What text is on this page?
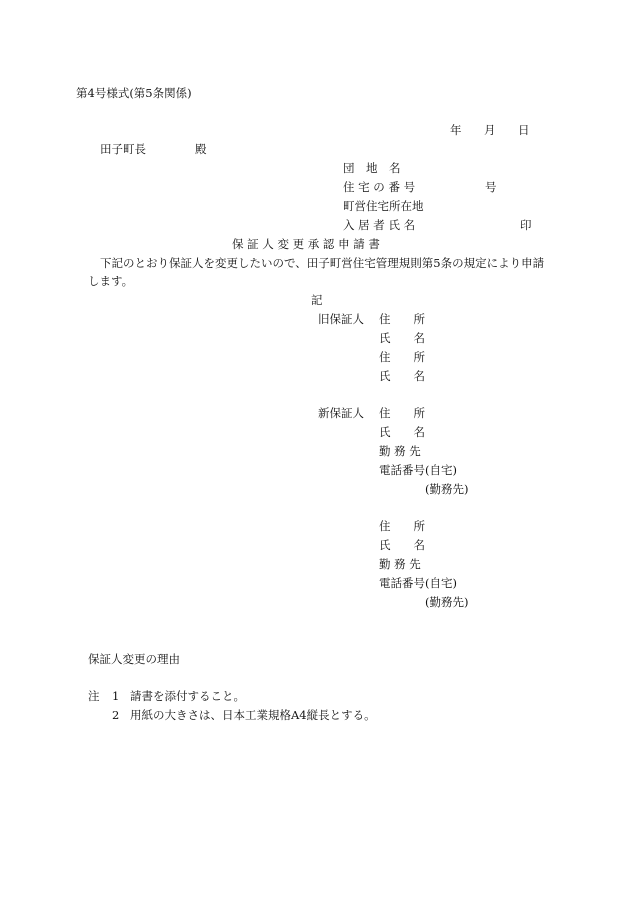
第4号様式(第5条関係)
年 月 日
田子町長	殿
団　地　名
住 宅 の 番 号	号
町営住宅所在地
入 居 者 氏 名	印
保 証 人 変 更 承 認 申 請 書
下記のとおり保証人を変更したいので、田子町営住宅管理規則第5条の規定により申請
します。
記
旧保証人 住　　所
氏　　名
住　　所
氏　　名
新保証人 住　　所
氏　　名
勤 務 先
電話番号(自宅)
(勤務先)
住　　所
氏　　名
勤 務 先
電話番号(自宅)
(勤務先)
保証人変更の理由
注 1 請書を添付すること。
2 用紙の大きさは、日本工業規格A4縦長とする。
